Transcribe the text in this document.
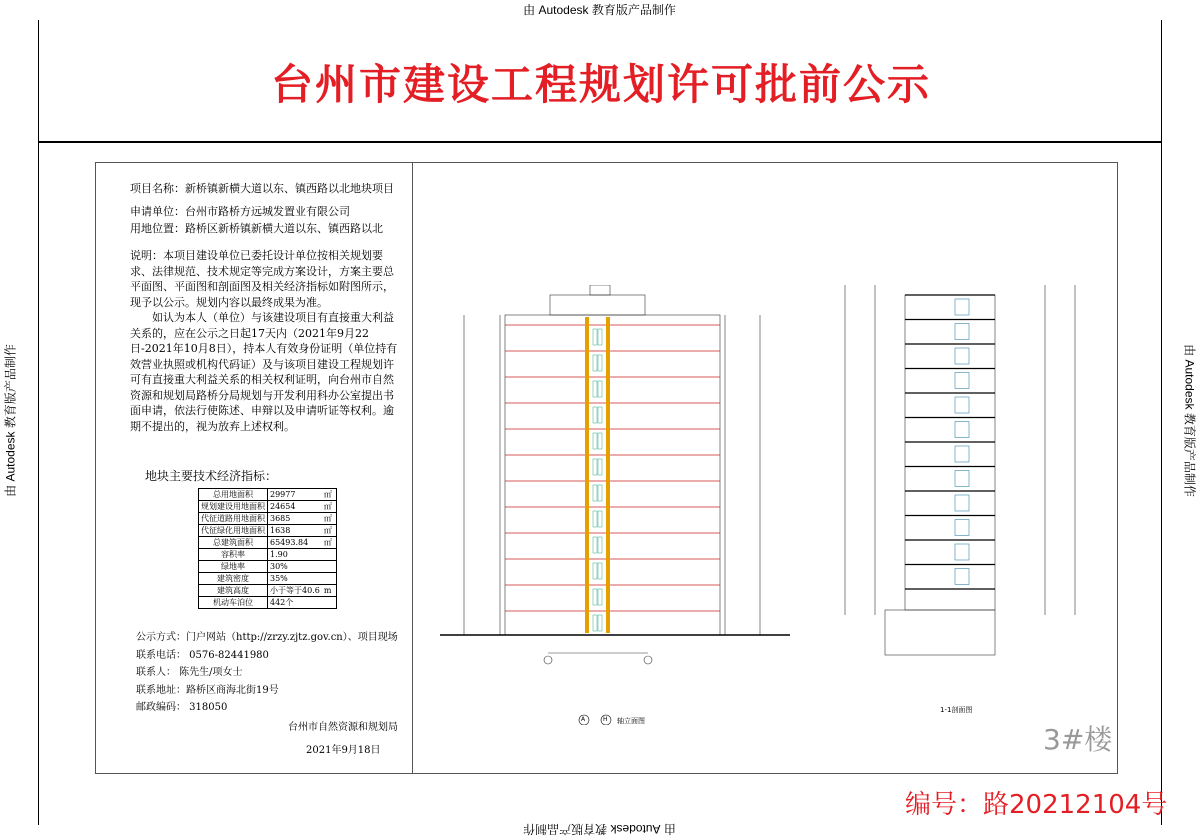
由 Autodesk 教育版产品制作
由 Autodesk 教育版产品制作
由 Autodesk 教育版产品制作	由 Autodesk 教育版产品制作
台州市建设工程规划许可批前公示
项目名称：新桥镇新横大道以东、镇西路以北地块项目
申请单位：台州市路桥方远城发置业有限公司
用地位置：路桥区新桥镇新横大道以东、镇西路以北

说明：本项目建设单位已委托设计单位按相关规划要求、法律规范、技术规定等完成方案设计，方案主要总平面图、平面图和剖面图及相关经济指标如附图所示，现予以公示。规划内容以最终成果为准。

如认为本人（单位）与该建设项目有直接重大利益关系的，应在公示之日起17天内（2021年9月22日-2021年10月8日），持本人有效身份证明（单位持有效营业执照或机构代码证）及与该项目建设工程规划许可有直接重大利益关系的相关权利证明，向台州市自然资源和规划局路桥分局规划与开发利用科办公室提出书面申请，依法行使陈述、申辩以及申请听证等权利。逾期不提出的，视为放弃上述权利。

地块主要技术经济指标：
总用地面积	29977	㎡
规划建设用地面积	24654	㎡
代征道路用地面积	3685	㎡
代征绿化用地面积	1638	㎡
总建筑面积	65493.84	㎡
容积率	1.90	
绿地率	30%	
建筑密度	35%	
建筑高度	小于等于40.6	m
机动车泊位	442个	
公示方式：门户网站（http://zrzy.zjtz.gov.cn）、项目现场
联系电话： 0576-82441980
联系人： 陈先生/项女士
联系地址：路桥区商海北街19号
邮政编码： 318050
台州市自然资源和规划局
2021年9月18日
A	H 轴立面图
1-1剖面图
3#楼
编号：路20212104号
